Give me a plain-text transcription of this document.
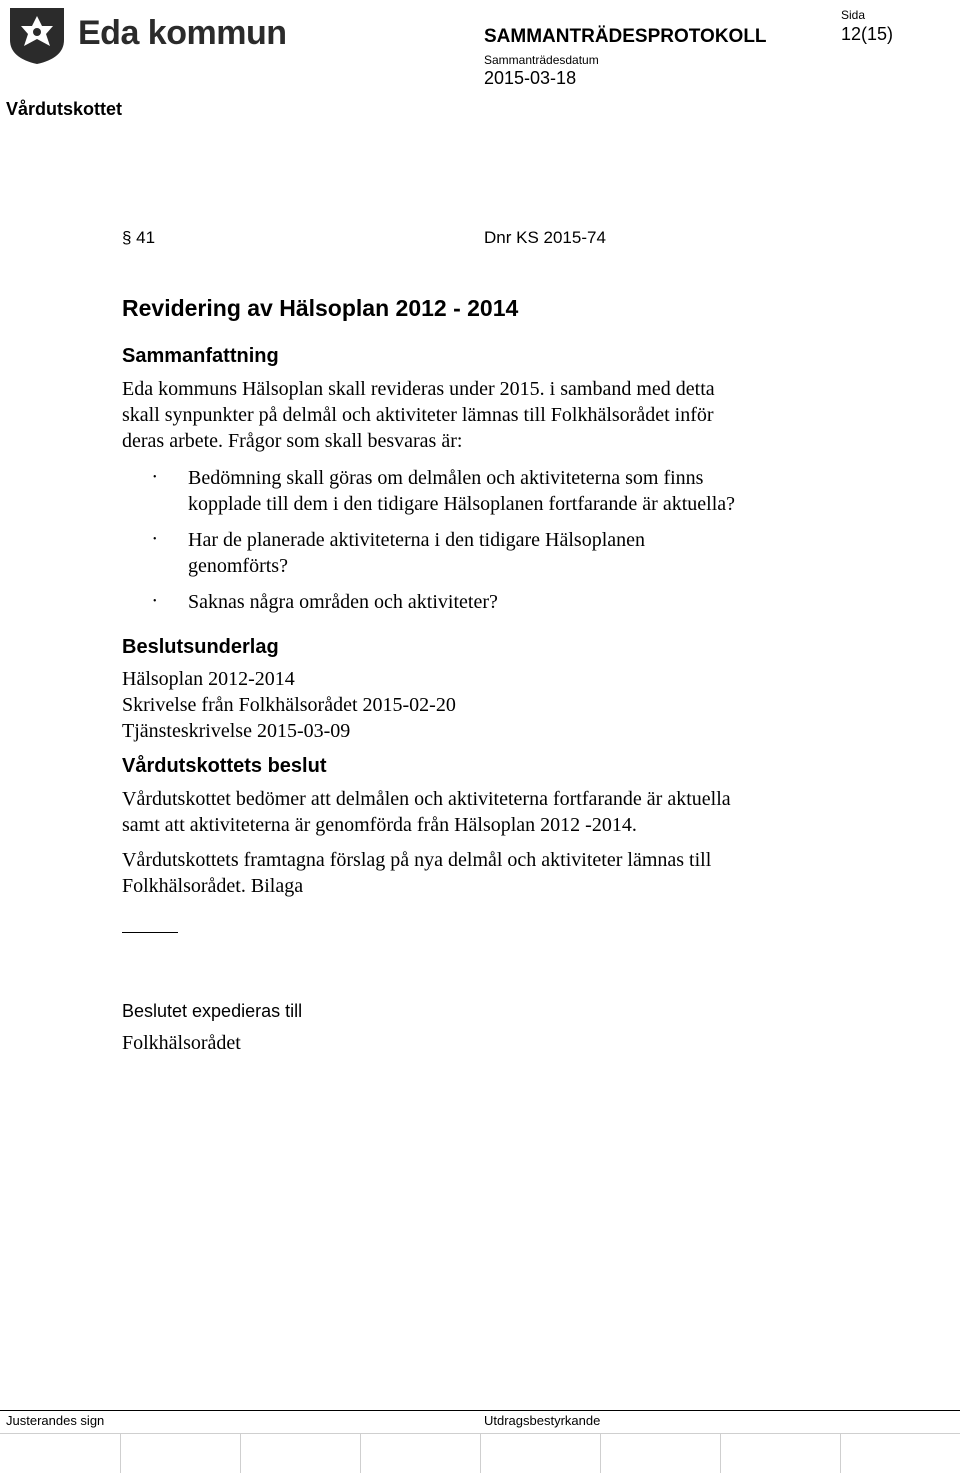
Eda kommun	SAMMANTRÄDESPROTOKOLL
Sammanträdesdatum
2015-03-18
Sida
12(15)
Vårdutskottet
§ 41	Dnr KS 2015-74
Revidering av Hälsoplan 2012 - 2014
Sammanfattning
Eda kommuns Hälsoplan skall revideras under 2015. i samband med detta
skall synpunkter på delmål och aktiviteter lämnas till Folkhälsorådet inför
deras arbete. Frågor som skall besvaras är:
• Bedömning skall göras om delmålen och aktiviteterna som finns
kopplade till dem i den tidigare Hälsoplanen fortfarande är aktuella?
• Har de planerade aktiviteterna i den tidigare Hälsoplanen
genomförts?
• Saknas några områden och aktiviteter?
Beslutsunderlag
Hälsoplan 2012-2014
Skrivelse från Folkhälsorådet 2015-02-20
Tjänsteskrivelse 2015-03-09
Vårdutskottets beslut
Vårdutskottet bedömer att delmålen och aktiviteterna fortfarande är aktuella
samt att aktiviteterna är genomförda från Hälsoplan 2012 -2014.
Vårdutskottets framtagna förslag på nya delmål och aktiviteter lämnas till
Folkhälsorådet. Bilaga
Beslutet expedieras till
Folkhälsorådet
Justerandes sign	Utdragsbestyrkande
